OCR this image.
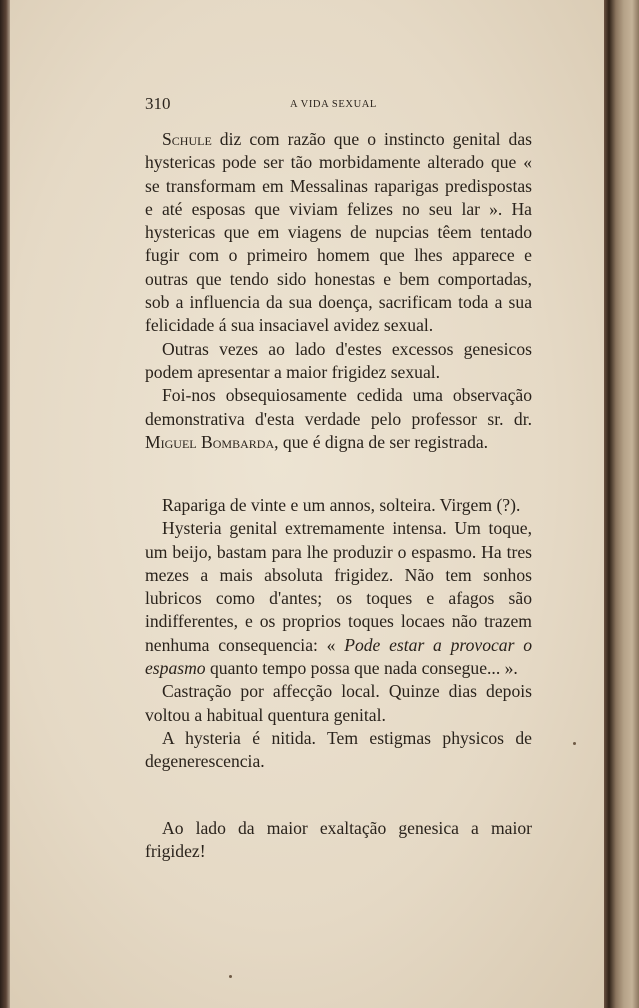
310	A VIDA SEXUAL

Schule diz com razão que o instincto genital das hystericas pode ser tão morbidamente alterado que « se transformam em Messalinas raparigas predispostas e até esposas que viviam felizes no seu lar ». Ha hystericas que em viagens de nupcias têem tentado fugir com o primeiro homem que lhes apparece e outras que tendo sido honestas e bem comportadas, sob a influencia da sua doença, sacrificam toda a sua felicidade á sua insaciavel avidez sexual.

Outras vezes ao lado d'estes excessos genesicos podem apresentar a maior frigidez sexual.

Foi-nos obsequiosamente cedida uma observação demonstrativa d'esta verdade pelo professor sr. dr. Miguel Bombarda, que é digna de ser registrada.

Rapariga de vinte e um annos, solteira. Virgem (?).

Hysteria genital extremamente intensa. Um toque, um beijo, bastam para lhe produzir o espasmo. Ha tres mezes a mais absoluta frigidez. Não tem sonhos lubricos como d'antes; os toques e afagos são indifferentes, e os proprios toques locaes não trazem nenhuma consequencia: « Pode estar a provocar o espasmo quanto tempo possa que nada consegue... ».

Castração por affecção local. Quinze dias depois voltou a habitual quentura genital.

A hysteria é nitida. Tem estigmas physicos de degenerescencia.

Ao lado da maior exaltação genesica a maior frigidez!
